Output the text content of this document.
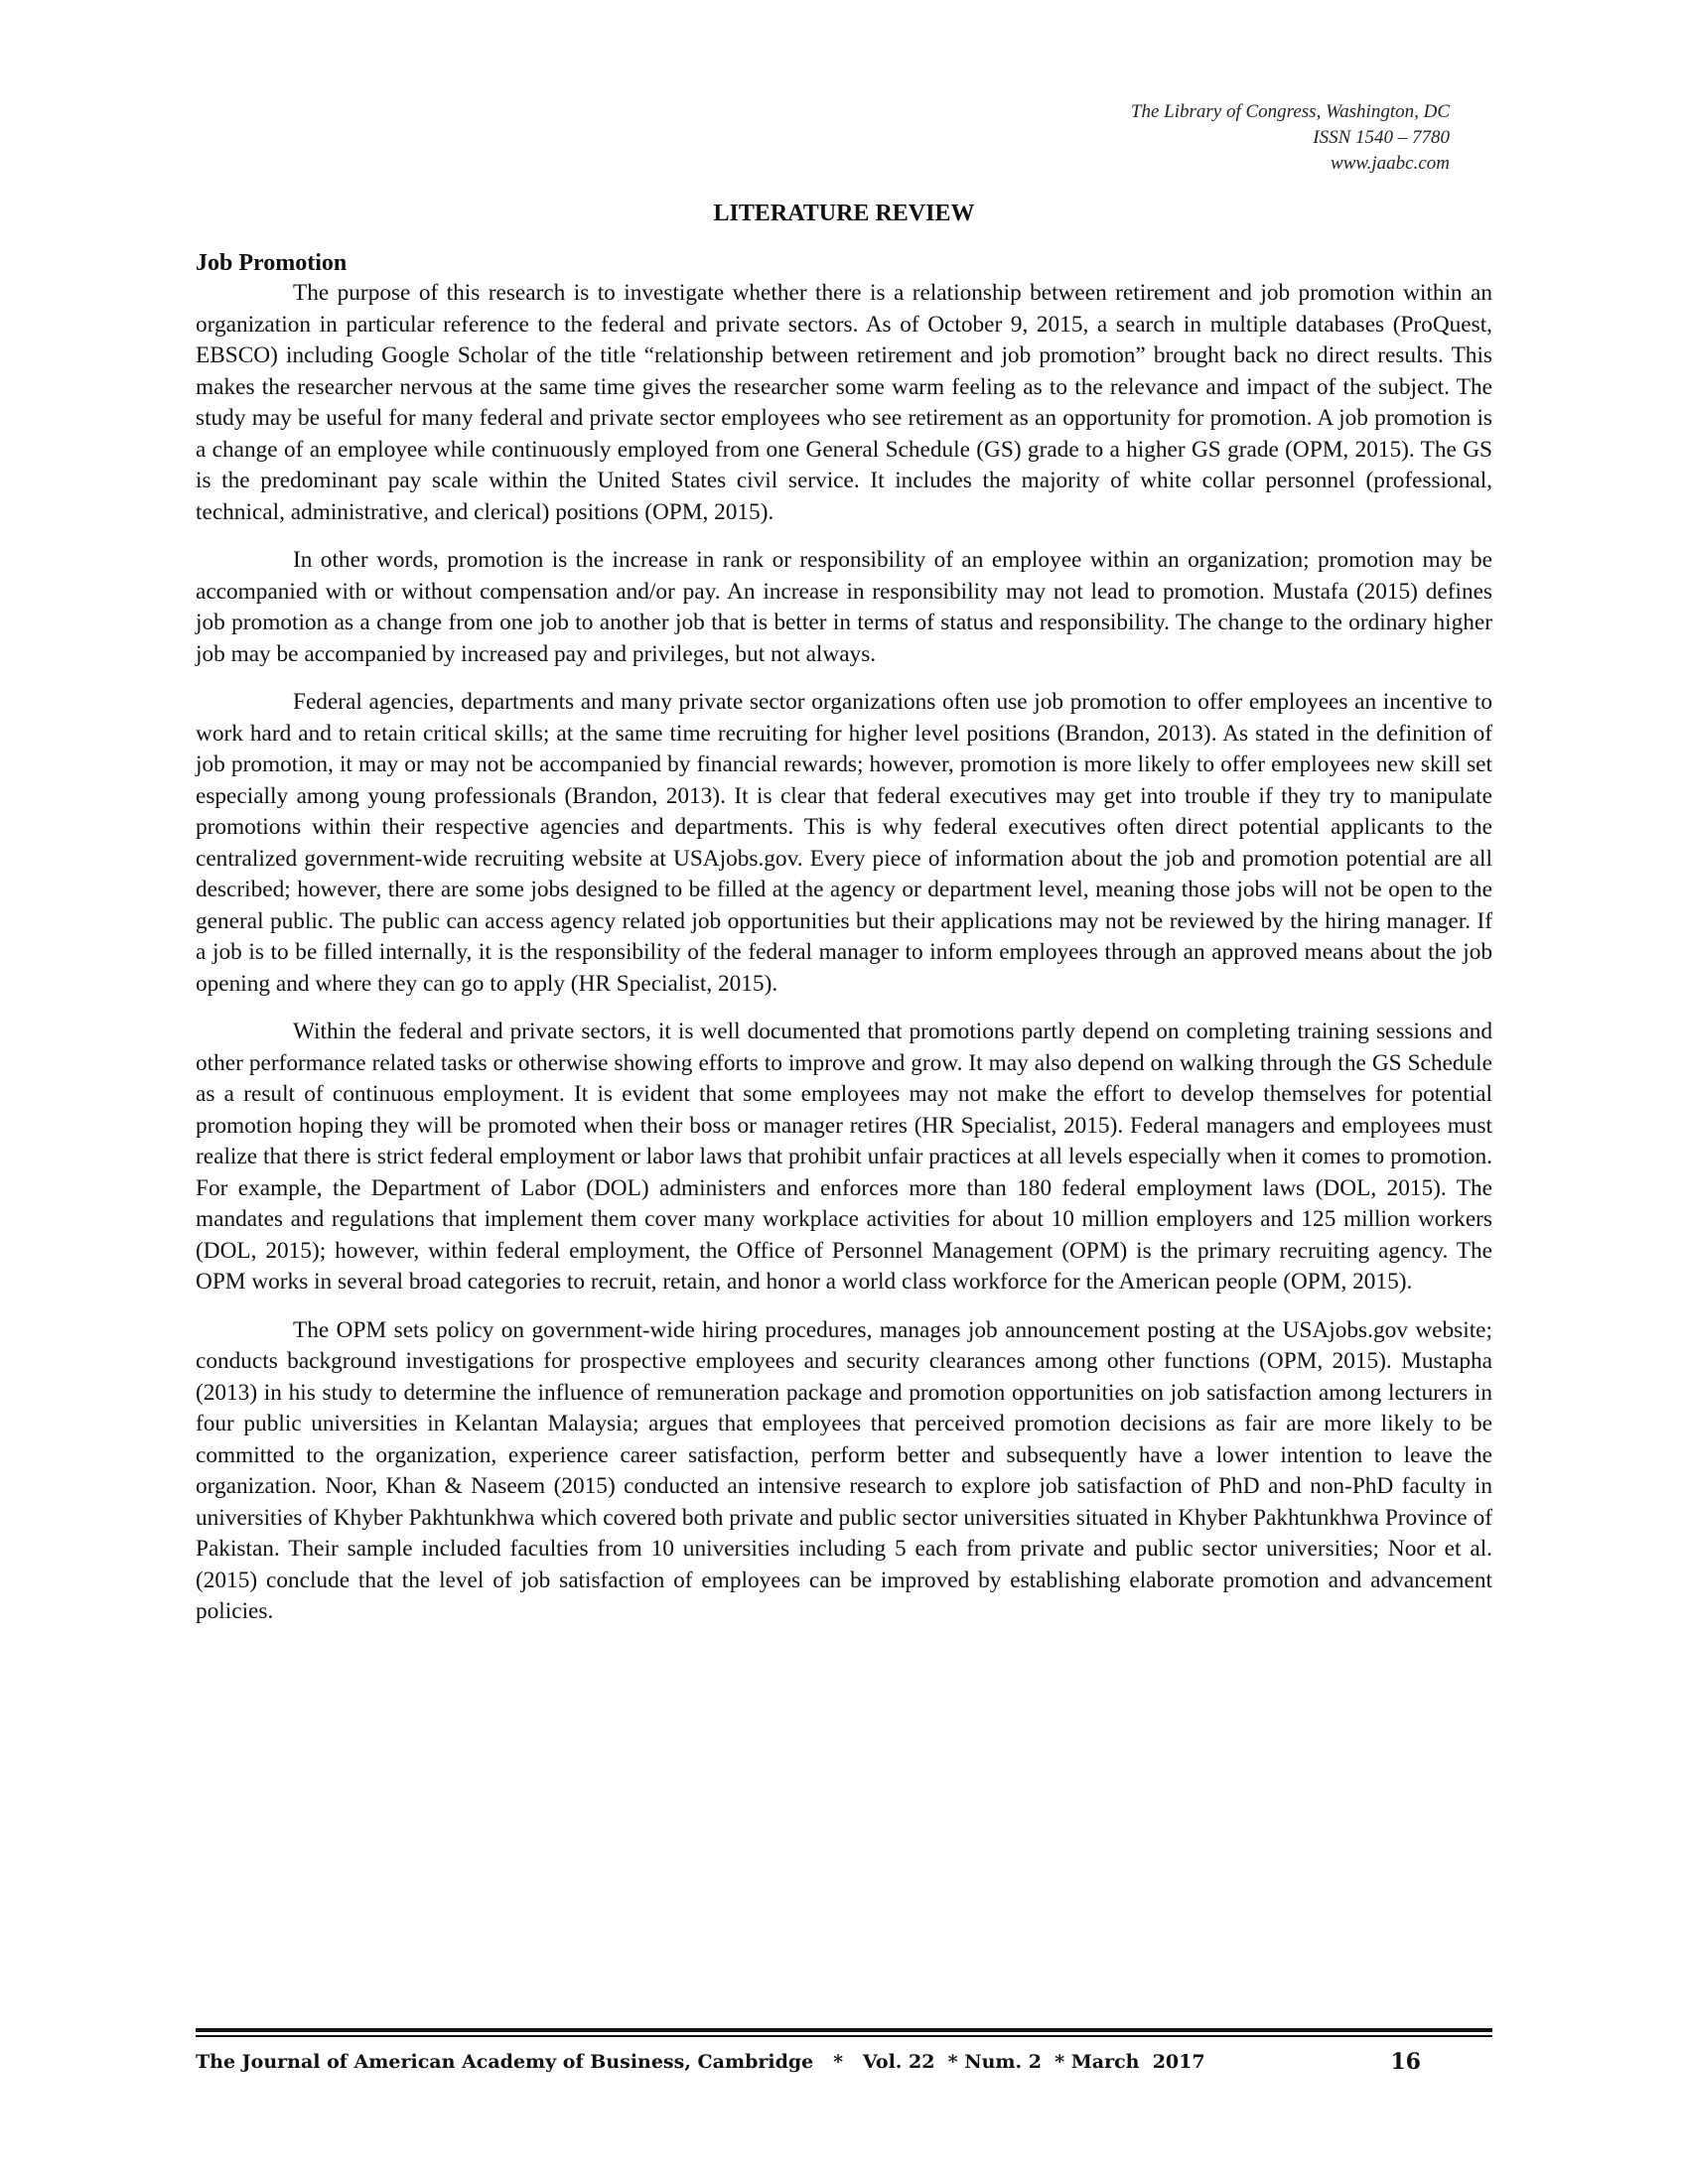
The Library of Congress, Washington, DC
ISSN 1540 – 7780
www.jaabc.com
LITERATURE REVIEW
Job Promotion

The purpose of this research is to investigate whether there is a relationship between retirement and job promotion within an organization in particular reference to the federal and private sectors. As of October 9, 2015, a search in multiple databases (ProQuest, EBSCO) including Google Scholar of the title “relationship between retirement and job promotion” brought back no direct results. This makes the researcher nervous at the same time gives the researcher some warm feeling as to the relevance and impact of the subject. The study may be useful for many federal and private sector employees who see retirement as an opportunity for promotion. A job promotion is a change of an employee while continuously employed from one General Schedule (GS) grade to a higher GS grade (OPM, 2015). The GS is the predominant pay scale within the United States civil service. It includes the majority of white collar personnel (professional, technical, administrative, and clerical) positions (OPM, 2015).

In other words, promotion is the increase in rank or responsibility of an employee within an organization; promotion may be accompanied with or without compensation and/or pay. An increase in responsibility may not lead to promotion. Mustafa (2015) defines job promotion as a change from one job to another job that is better in terms of status and responsibility. The change to the ordinary higher job may be accompanied by increased pay and privileges, but not always.

Federal agencies, departments and many private sector organizations often use job promotion to offer employees an incentive to work hard and to retain critical skills; at the same time recruiting for higher level positions (Brandon, 2013). As stated in the definition of job promotion, it may or may not be accompanied by financial rewards; however, promotion is more likely to offer employees new skill set especially among young professionals (Brandon, 2013). It is clear that federal executives may get into trouble if they try to manipulate promotions within their respective agencies and departments. This is why federal executives often direct potential applicants to the centralized government-wide recruiting website at USAjobs.gov. Every piece of information about the job and promotion potential are all described; however, there are some jobs designed to be filled at the agency or department level, meaning those jobs will not be open to the general public. The public can access agency related job opportunities but their applications may not be reviewed by the hiring manager. If a job is to be filled internally, it is the responsibility of the federal manager to inform employees through an approved means about the job opening and where they can go to apply (HR Specialist, 2015).

Within the federal and private sectors, it is well documented that promotions partly depend on completing training sessions and other performance related tasks or otherwise showing efforts to improve and grow. It may also depend on walking through the GS Schedule as a result of continuous employment. It is evident that some employees may not make the effort to develop themselves for potential promotion hoping they will be promoted when their boss or manager retires (HR Specialist, 2015). Federal managers and employees must realize that there is strict federal employment or labor laws that prohibit unfair practices at all levels especially when it comes to promotion. For example, the Department of Labor (DOL) administers and enforces more than 180 federal employment laws (DOL, 2015). The mandates and regulations that implement them cover many workplace activities for about 10 million employers and 125 million workers (DOL, 2015); however, within federal employment, the Office of Personnel Management (OPM) is the primary recruiting agency. The OPM works in several broad categories to recruit, retain, and honor a world class workforce for the American people (OPM, 2015).

The OPM sets policy on government-wide hiring procedures, manages job announcement posting at the USAjobs.gov website; conducts background investigations for prospective employees and security clearances among other functions (OPM, 2015). Mustapha (2013) in his study to determine the influence of remuneration package and promotion opportunities on job satisfaction among lecturers in four public universities in Kelantan Malaysia; argues that employees that perceived promotion decisions as fair are more likely to be committed to the organization, experience career satisfaction, perform better and subsequently have a lower intention to leave the organization. Noor, Khan & Naseem (2015) conducted an intensive research to explore job satisfaction of PhD and non-PhD faculty in universities of Khyber Pakhtunkhwa which covered both private and public sector universities situated in Khyber Pakhtunkhwa Province of Pakistan. Their sample included faculties from 10 universities including 5 each from private and public sector universities; Noor et al. (2015) conclude that the level of job satisfaction of employees can be improved by establishing elaborate promotion and advancement policies.

The Journal of American Academy of Business, Cambridge   *   Vol. 22  * Num. 2  * March  2017	16
